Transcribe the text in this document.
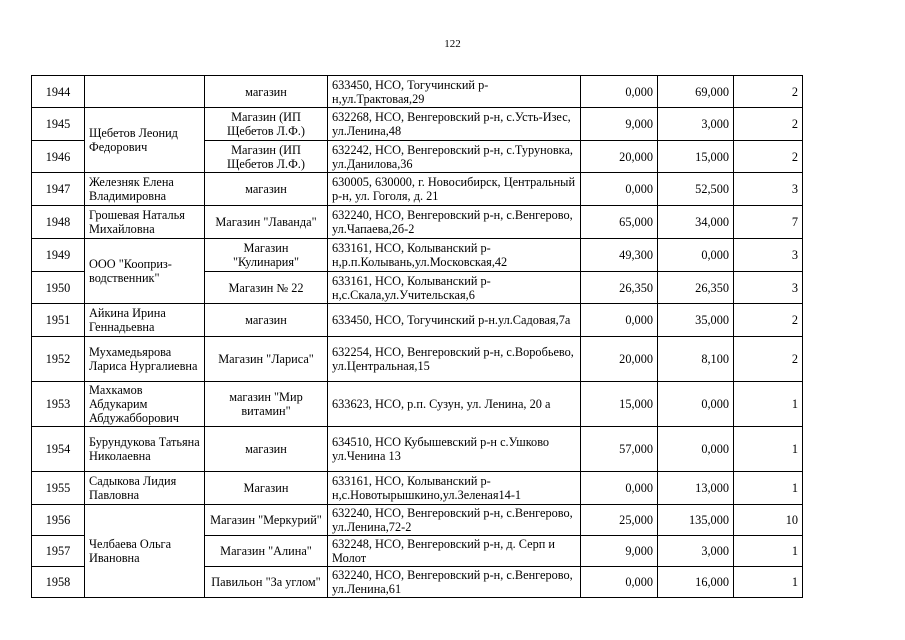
122
1944		магазин	633450, НСО, Тогучинский р-н,ул.Трактовая,29	0,000	69,000	2
1945	Щебетов Леонид Федорович	Магазин (ИП Щебетов Л.Ф.)	632268, НСО, Венгеровский р-н, с.Усть-Изес, ул.Ленина,48	9,000	3,000	2
1946		Магазин (ИП Щебетов Л.Ф.)	632242, НСО, Венгеровский р-н, с.Туруновка, ул.Данилова,36	20,000	15,000	2
1947	Железняк Елена Владимировна	магазин	630005, 630000, г. Новосибирск, Центральный р-н, ул. Гоголя, д. 21	0,000	52,500	3
1948	Грошевая Наталья Михайловна	Магазин "Лаванда"	632240, НСО, Венгеровский р-н, с.Венгерово, ул.Чапаева,2б-2	65,000	34,000	7
1949	ООО "Кооприз-водственник"	Магазин "Кулинария"	633161, НСО, Колыванский р-н,р.п.Колывань,ул.Московская,42	49,300	0,000	3
1950		Магазин № 22	633161, НСО, Колыванский р-н,с.Скала,ул.Учительская,6	26,350	26,350	3
1951	Айкина Ирина Геннадьевна	магазин	633450, НСО, Тогучинский р-н.ул.Садовая,7а	0,000	35,000	2
1952	Мухамедьярова Лариса Нургалиевна	Магазин "Лариса"	632254, НСО, Венгеровский р-н, с.Воробьево, ул.Центральная,15	20,000	8,100	2
1953	Махкамов Абдукарим Абдужабборович	магазин "Мир витамин"	633623, НСО, р.п. Сузун, ул. Ленина, 20 а	15,000	0,000	1
1954	Бурундукова Татьяна Николаевна	магазин	634510, НСО Кубышевский р-н с.Ушково ул.Ченина 13	57,000	0,000	1
1955	Садыкова Лидия Павловна	Магазин	633161, НСО, Колыванский р-н,с.Новотырышкино,ул.Зеленая14-1	0,000	13,000	1
1956	Челбаева Ольга Ивановна	Магазин "Меркурий"	632240, НСО, Венгеровский р-н, с.Венгерово, ул.Ленина,72-2	25,000	135,000	10
1957		Магазин "Алина"	632248, НСО, Венгеровский р-н, д. Серп и Молот	9,000	3,000	1
1958		Павильон "За углом"	632240, НСО, Венгеровский р-н, с.Венгерово, ул.Ленина,61	0,000	16,000	1
